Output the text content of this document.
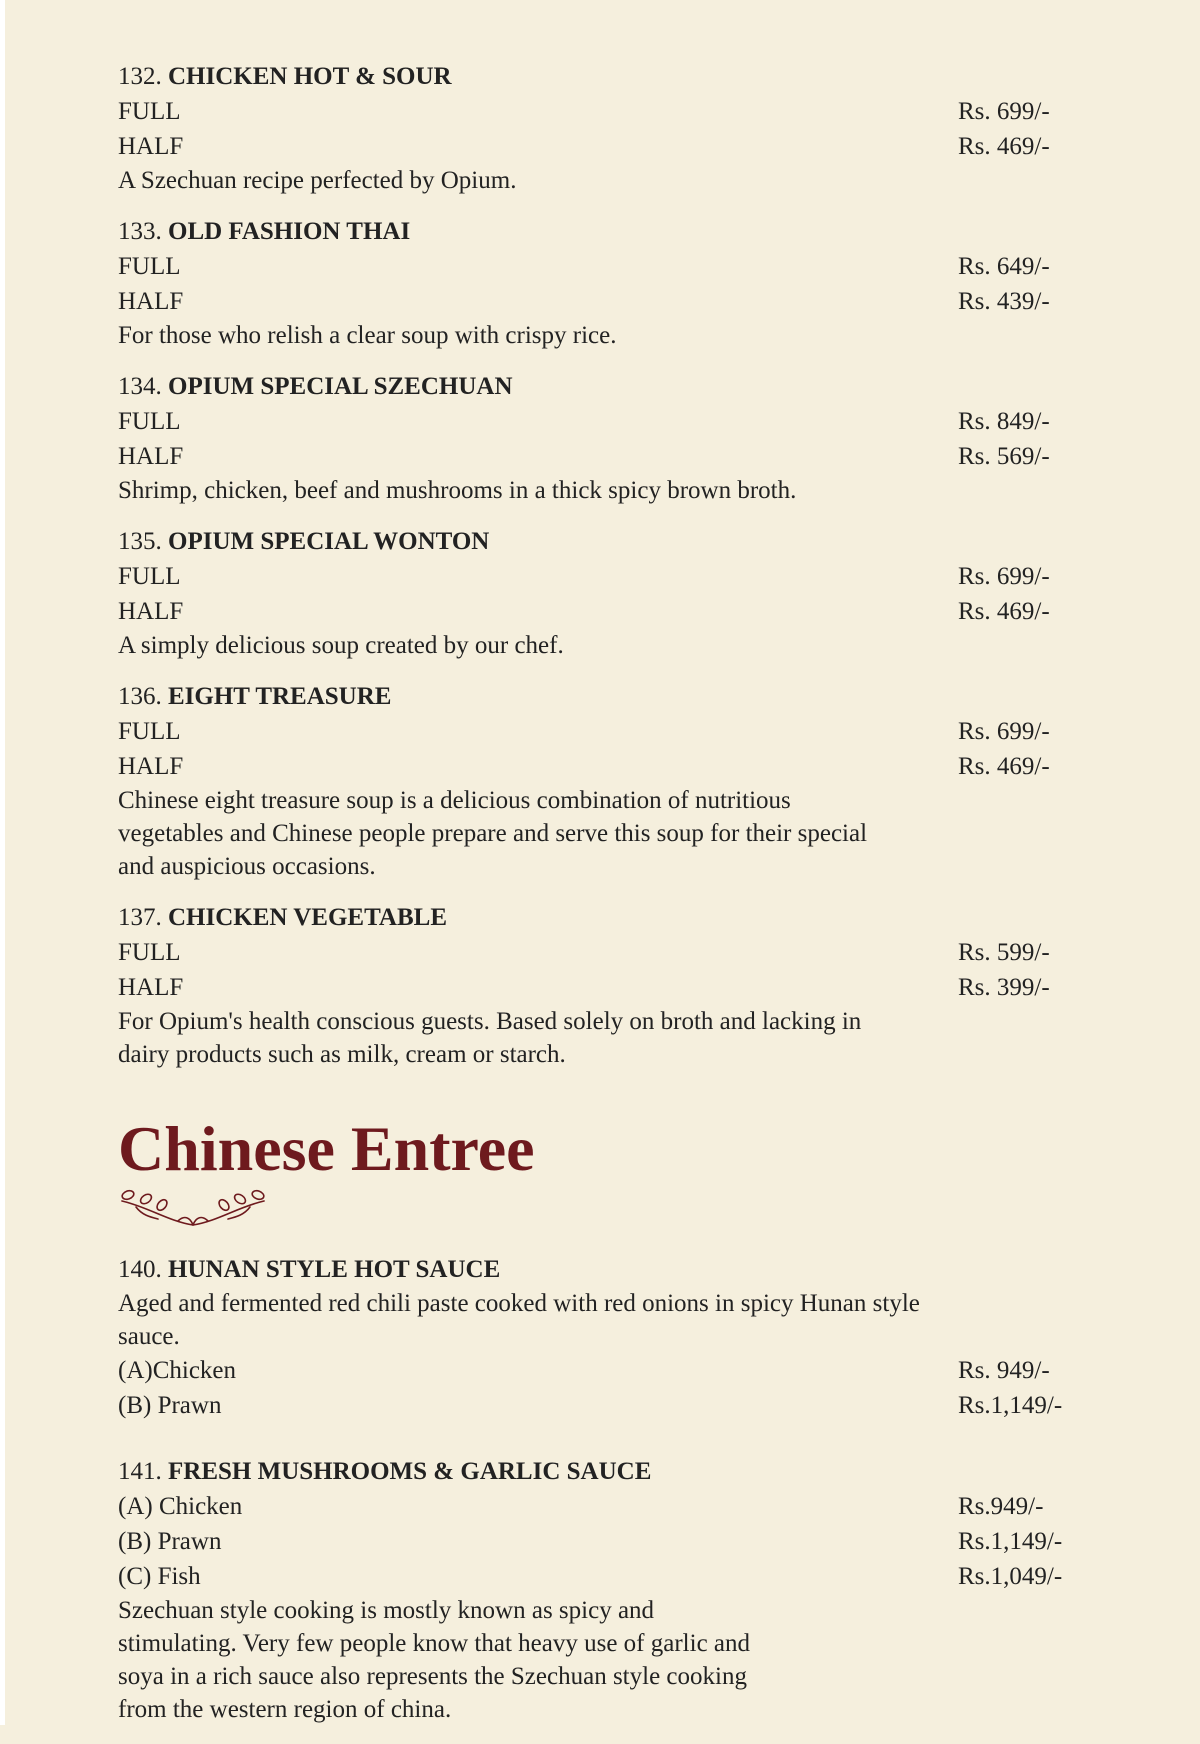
132. CHICKEN HOT & SOUR
FULL	Rs. 699/-
HALF	Rs. 469/-
A Szechuan recipe perfected by Opium.
133. OLD FASHION THAI
FULL	Rs. 649/-
HALF	Rs. 439/-
For those who relish a clear soup with crispy rice.
134. OPIUM SPECIAL SZECHUAN
FULL	Rs. 849/-
HALF	Rs. 569/-
Shrimp, chicken, beef and mushrooms in a thick spicy brown broth.
135. OPIUM SPECIAL WONTON
FULL	Rs. 699/-
HALF	Rs. 469/-
A simply delicious soup created by our chef.
136. EIGHT TREASURE
FULL	Rs. 699/-
HALF	Rs. 469/-
Chinese eight treasure soup is a delicious combination of nutritious vegetables and Chinese people prepare and serve this soup for their special and auspicious occasions.
137. CHICKEN VEGETABLE
FULL	Rs. 599/-
HALF	Rs. 399/-
For Opium's health conscious guests. Based solely on broth and lacking in dairy products such as milk, cream or starch.
Chinese Entree
140. HUNAN STYLE HOT SAUCE
Aged and fermented red chili paste cooked with red onions in spicy Hunan style sauce.
(A)Chicken	Rs. 949/-
(B) Prawn	Rs.1,149/-
141. FRESH MUSHROOMS & GARLIC SAUCE
(A) Chicken	Rs.949/-
(B) Prawn	Rs.1,149/-
(C) Fish	Rs.1,049/-
Szechuan style cooking is mostly known as spicy and stimulating. Very few people know that heavy use of garlic and soya in a rich sauce also represents the Szechuan style cooking from the western region of china.
